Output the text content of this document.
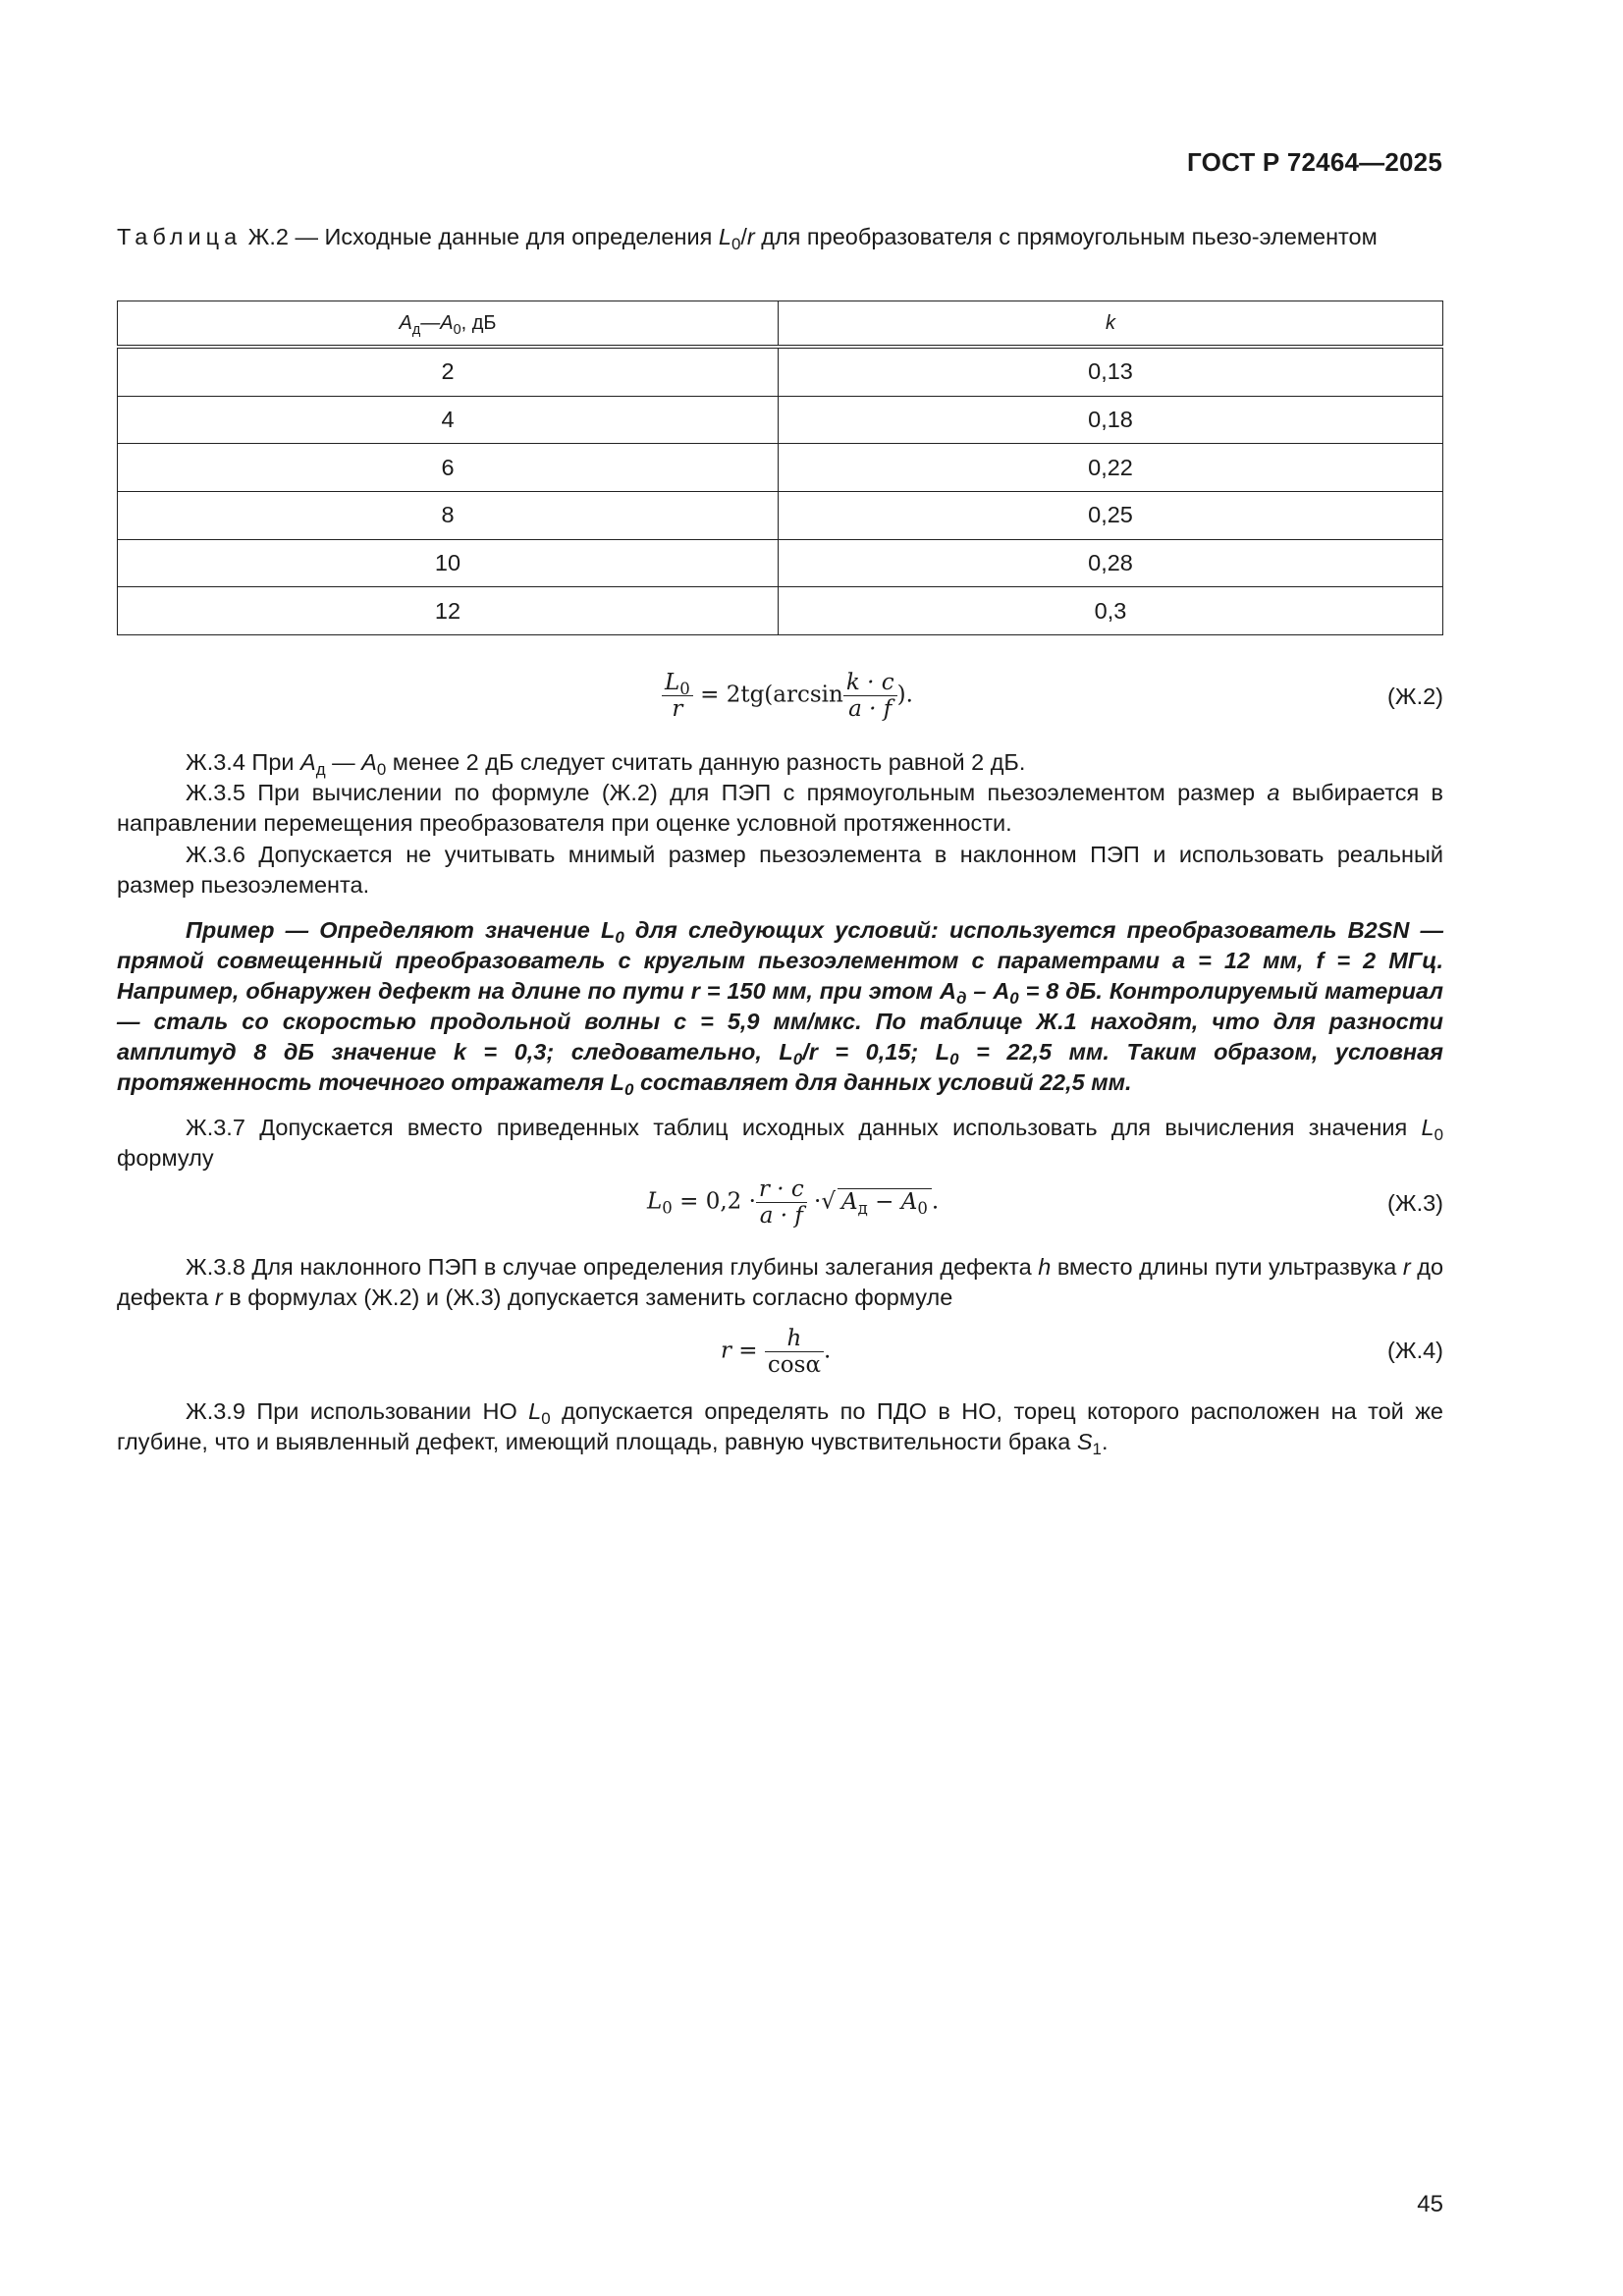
ГОСТ Р 72464—2025
Таблица Ж.2 — Исходные данные для определения $L_0/r$ для преобразователя с прямоугольным пьезо-элементом
$A_д—A_0$, дБ	k
2	0,13
4	0,18
6	0,22
8	0,25
10	0,28
12	0,3
$\frac{L_0}{r} = 2tg(\arcsin \frac{k \cdot c}{a \cdot f}$ ).	(Ж.2)
Ж.3.4 При $A_д$ — $A_0$ менее 2 дБ следует считать данную разность равной 2 дБ.
Ж.3.5 При вычислении по формуле (Ж.2) для ПЭП с прямоугольным пьезоэлементом размер a выбирается в направлении перемещения преобразователя при оценке условной протяженности.
Ж.3.6 Допускается не учитывать мнимый размер пьезоэлемента в наклонном ПЭП и использовать реальный размер пьезоэлемента.
Пример — Определяют значение $L_0$ для следующих условий: используется преобразователь B2SN — прямой совмещенный преобразователь с круглым пьезоэлементом с параметрами a = 12 мм, f = 2 МГц. Например, обнаружен дефект на длине по пути r = 150 мм, при этом $A_д - A_0 = 8$ дБ. Контролируемый материал — сталь со скоростью продольной волны c = 5,9 мм/мкс. По таблице Ж.1 находят, что для разности амплитуд 8 дБ значение k = 0,3; следовательно, $L_0/r = 0,15$; $L_0 = 22,5$ мм. Таким образом, условная протяженность точечного отражателя $L_0$ составляет для данных условий 22,5 мм.
Ж.3.7 Допускается вместо приведенных таблиц исходных данных использовать для вычисления значения $L_0$ формулу
$L_0 = 0,2 \cdot \frac{r \cdot c}{a \cdot f}$ ·√ $A_д - A_0$ .	(Ж.3)
Ж.3.8 Для наклонного ПЭП в случае определения глубины залегания дефекта h вместо длины пути ультразвука r до дефекта r в формулах (Ж.2) и (Ж.3) допускается заменить согласно формуле
$r = \frac{h}{\cos\alpha}$ .	(Ж.4)
Ж.3.9 При использовании НО $L_0$ допускается определять по ПДО в НО, торец которого расположен на той же глубине, что и выявленный дефект, имеющий площадь, равную чувствительности брака $S_1$.
45
